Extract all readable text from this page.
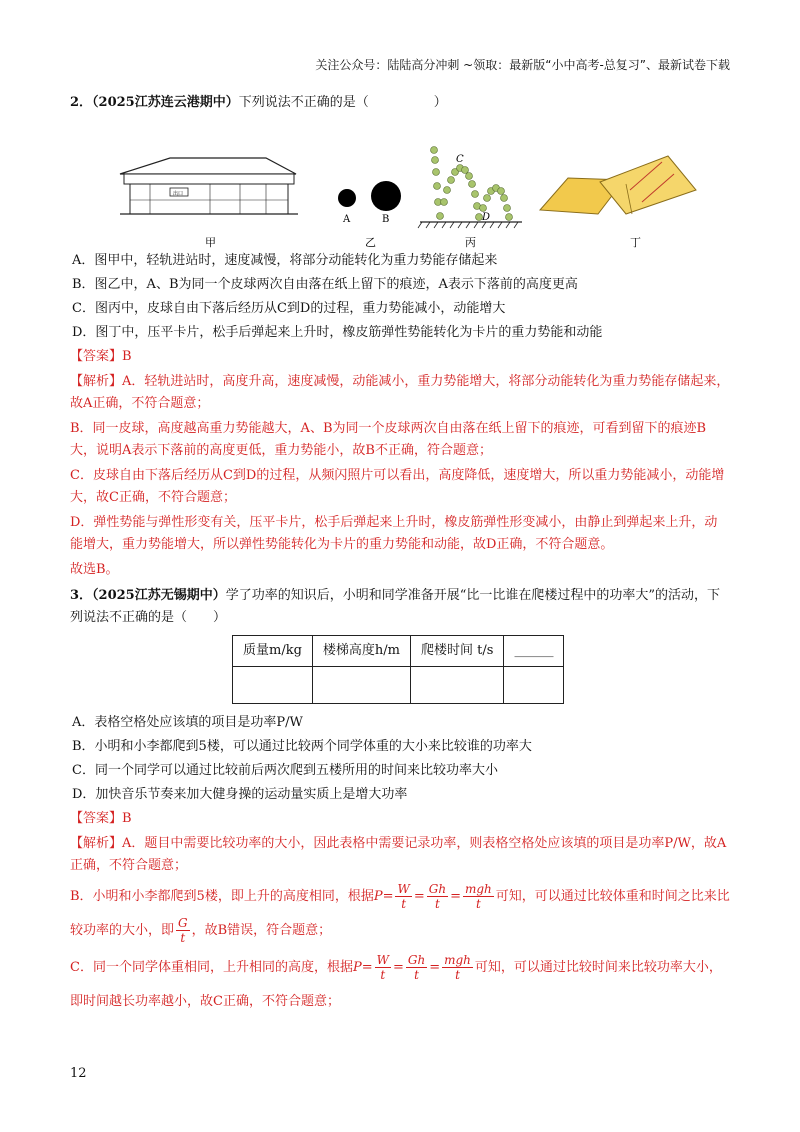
关注公众号：陆陆高分冲刺 ~领取：最新版“小中高考-总复习”、最新试卷下载

2．（2025江苏连云港期中）下列说法不正确的是（　　　　　）

出口
甲
A	B
乙
C
D
丙	丁
A．图甲中，轻轨进站时，速度减慢，将部分动能转化为重力势能存储起来
B．图乙中，A、B为同一个皮球两次自由落在纸上留下的痕迹，A表示下落前的高度更高
C．图丙中，皮球自由下落后经历从C到D的过程，重力势能减小，动能增大
D．图丁中，压平卡片，松手后弹起来上升时，橡皮筋弹性势能转化为卡片的重力势能和动能
【答案】B
【解析】A．轻轨进站时，高度升高，速度减慢，动能减小，重力势能增大，将部分动能转化为重力势能存储起来，故A正确，不符合题意；
B．同一皮球，高度越高重力势能越大，A、B为同一个皮球两次自由落在纸上留下的痕迹，可看到留下的痕迹B大，说明A表示下落前的高度更低，重力势能小，故B不正确，符合题意；
C．皮球自由下落后经历从C到D的过程，从频闪照片可以看出，高度降低，速度增大，所以重力势能减小，动能增大，故C正确，不符合题意；
D．弹性势能与弹性形变有关，压平卡片，松手后弹起来上升时，橡皮筋弹性形变减小，由静止到弹起来上升，动能增大，重力势能增大，所以弹性势能转化为卡片的重力势能和动能，故D正确，不符合题意。
故选B。

3．（2025江苏无锡期中）学了功率的知识后，小明和同学准备开展“比一比谁在爬楼过程中的功率大”的活动，下列说法不正确的是（　　）

质量m/kg	楼梯高度h/m	爬楼时间 t/s	______

A．表格空格处应该填的项目是功率P/W
B．小明和小李都爬到5楼，可以通过比较两个同学体重的大小来比较谁的功率大
C．同一个同学可以通过比较前后两次爬到五楼所用的时间来比较功率大小
D．加快音乐节奏来加大健身操的运动量实质上是增大功率
【答案】B
【解析】A．题目中需要比较功率的大小，因此表格中需要记录功率，则表格空格处应该填的项目是功率P/W，故A正确，不符合题意；
B．小明和小李都爬到5楼，即上升的高度相同，根据$P= \frac{W}{t} = \frac{Gh}{t} = \frac{\text{mgh}}{t}$ 可知，可以通过比较体重和时间之比来比较功率的大小，即 $\frac{G}{t}$ ，故B错误，符合题意；
C．同一个同学体重相同，上升相同的高度，根据$P= \frac{W}{t} = \frac{Gh}{t} = \frac{\text{mgh}}{t}$ 可知，可以通过比较时间来比较功率大小，即时间越长功率越小，故C正确，不符合题意；
12
